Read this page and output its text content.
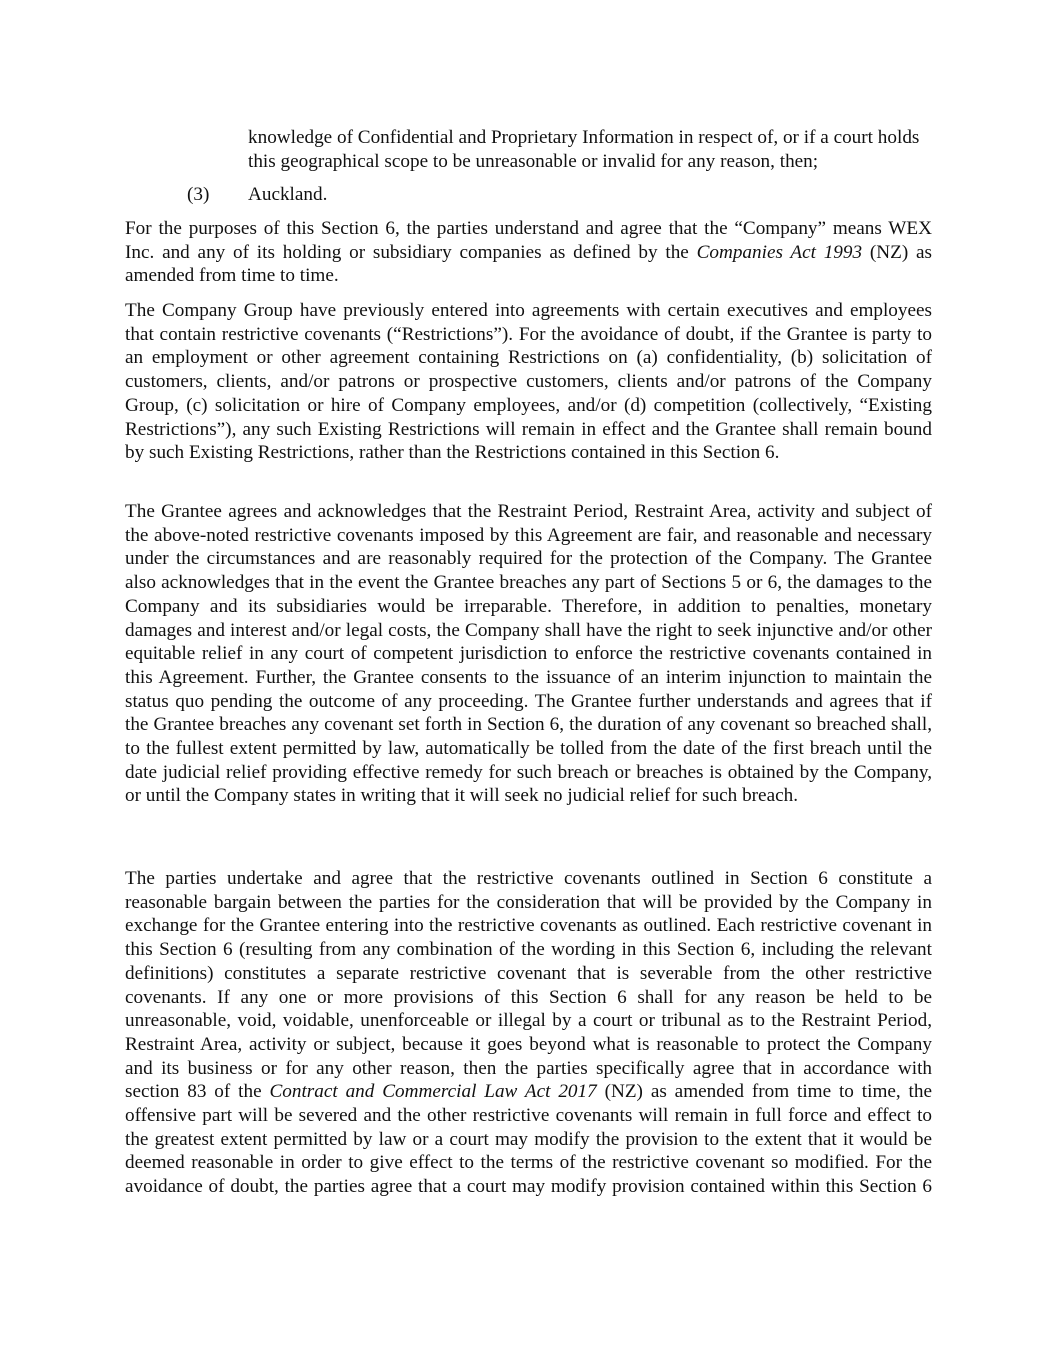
knowledge of Confidential and Proprietary Information in respect of, or if a court holds this geographical scope to be unreasonable or invalid for any reason, then;

(3) Auckland.

For the purposes of this Section 6, the parties understand and agree that the “Company” means WEX Inc. and any of its holding or subsidiary companies as defined by the Companies Act 1993 (NZ) as amended from time to time.

The Company Group have previously entered into agreements with certain executives and employees that contain restrictive covenants (“Restrictions”). For the avoidance of doubt, if the Grantee is party to an employment or other agreement containing Restrictions on (a) confidentiality, (b) solicitation of customers, clients, and/or patrons or prospective customers, clients and/or patrons of the Company Group, (c) solicitation or hire of Company employees, and/or (d) competition (collectively, “Existing Restrictions”), any such Existing Restrictions will remain in effect and the Grantee shall remain bound by such Existing Restrictions, rather than the Restrictions contained in this Section 6.

The Grantee agrees and acknowledges that the Restraint Period, Restraint Area, activity and subject of the above-noted restrictive covenants imposed by this Agreement are fair, and reasonable and necessary under the circumstances and are reasonably required for the protection of the Company. The Grantee also acknowledges that in the event the Grantee breaches any part of Sections 5 or 6, the damages to the Company and its subsidiaries would be irreparable. Therefore, in addition to penalties, monetary damages and interest and/or legal costs, the Company shall have the right to seek injunctive and/or other equitable relief in any court of competent jurisdiction to enforce the restrictive covenants contained in this Agreement. Further, the Grantee consents to the issuance of an interim injunction to maintain the status quo pending the outcome of any proceeding. The Grantee further understands and agrees that if the Grantee breaches any covenant set forth in Section 6, the duration of any covenant so breached shall, to the fullest extent permitted by law, automatically be tolled from the date of the first breach until the date judicial relief providing effective remedy for such breach or breaches is obtained by the Company, or until the Company states in writing that it will seek no judicial relief for such breach.

The parties undertake and agree that the restrictive covenants outlined in Section 6 constitute a reasonable bargain between the parties for the consideration that will be provided by the Company in exchange for the Grantee entering into the restrictive covenants as outlined. Each restrictive covenant in this Section 6 (resulting from any combination of the wording in this Section 6, including the relevant definitions) constitutes a separate restrictive covenant that is severable from the other restrictive covenants. If any one or more provisions of this Section 6 shall for any reason be held to be unreasonable, void, voidable, unenforceable or illegal by a court or tribunal as to the Restraint Period, Restraint Area, activity or subject, because it goes beyond what is reasonable to protect the Company and its business or for any other reason, then the parties specifically agree that in accordance with section 83 of the Contract and Commercial Law Act 2017 (NZ) as amended from time to time, the offensive part will be severed and the other restrictive covenants will remain in full force and effect to the greatest extent permitted by law or a court may modify the provision to the extent that it would be deemed reasonable in order to give effect to the terms of the restrictive covenant so modified. For the avoidance of doubt, the parties agree that a court may modify provision contained within this Section 6
